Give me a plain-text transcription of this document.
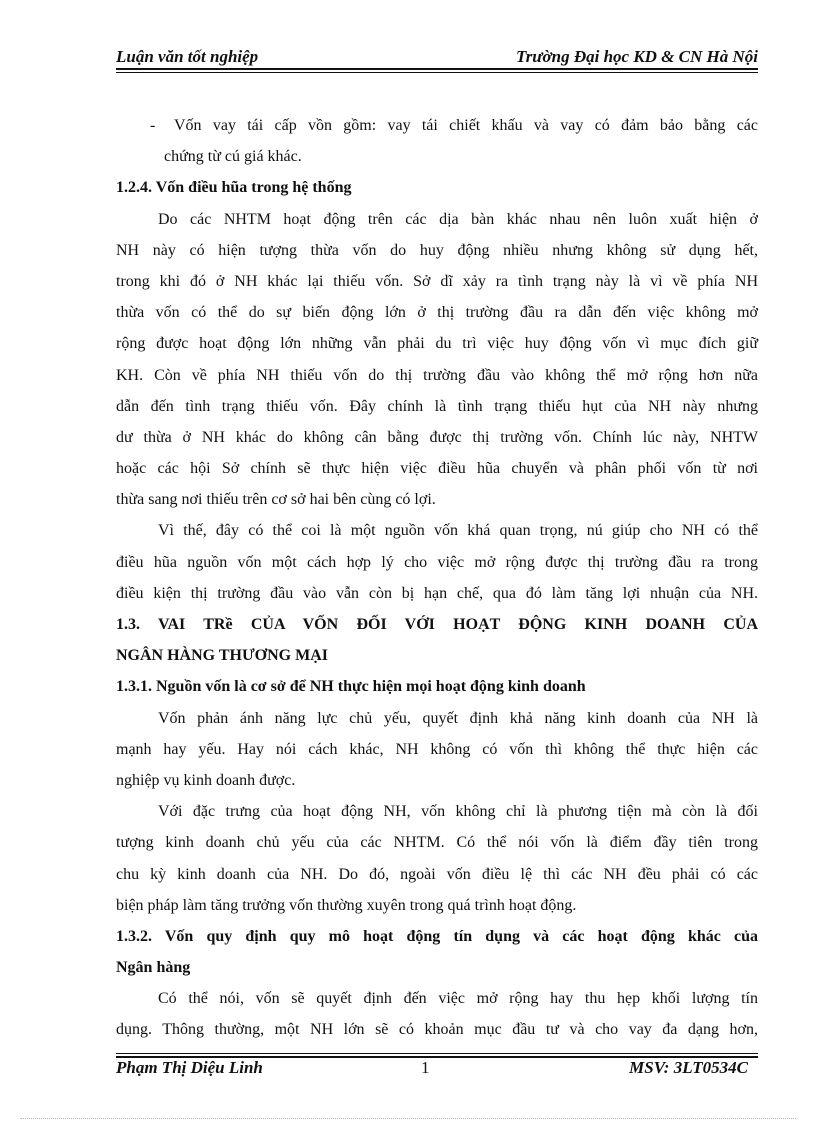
Luận văn tốt nghiệp	Trường Đại học KD & CN Hà Nội
- Vốn vay tái cấp vồn gồm: vay tái chiết khấu và vay có đảm bảo bằng các
chứng từ cú giá khác.
1.2.4. Vốn điều hũa trong hệ thống
Do các NHTM hoạt động trên các dịa bàn khác nhau nên luôn xuất hiện ở
NH này có hiện tượng thừa vốn do huy động nhiều nhưng không sử dụng hết,
trong khi đó ở NH khác lại thiếu vốn. Sở dĩ xảy ra tình trạng này là vì về phía NH
thừa vốn có thể do sự biến động lớn ở thị trường đầu ra dẫn đến việc không mở
rộng được hoạt động lớn những vẫn phải du trì việc huy động vốn vì mục đích giữ
KH. Còn về phía NH thiếu vốn do thị trường đầu vào không thể mở rộng hơn nữa
dẫn đến tình trạng thiếu vốn. Đây chính là tình trạng thiếu hụt của NH này nhưng
dư thừa ở NH khác do không cân bằng được thị trường vốn. Chính lúc này, NHTW
hoặc các hội Sở chính sẽ thực hiện việc điều hũa chuyển và phân phối vốn từ nơi
thừa sang nơi thiếu trên cơ sở hai bên cùng có lợi.
Vì thế, đây có thể coi là một nguồn vốn khá quan trọng, nú giúp cho NH có thể
điều hũa nguồn vốn một cách hợp lý cho việc mở rộng được thị trường đầu ra trong
điều kiện thị trường đầu vào vẫn còn bị hạn chế, qua đó làm tăng lợi nhuận của NH.
1.3. VAI TRề CỦA VỐN ĐỐI VỚI HOẠT ĐỘNG KINH DOANH CỦA
NGÂN HÀNG THƯƠNG MẠI
1.3.1. Nguồn vốn là cơ sở để NH thực hiện mọi hoạt động kinh doanh
Vốn phản ánh năng lực chủ yếu, quyết định khả năng kinh doanh của NH là
mạnh hay yếu. Hay nói cách khác, NH không có vốn thì không thể thực hiện các
nghiệp vụ kinh doanh được.
Với đặc trưng của hoạt động NH, vốn không chỉ là phương tiện mà còn là đối
tượng kinh doanh chủ yếu của các NHTM. Có thể nói vốn là điểm đầy tiên trong
chu kỳ kinh doanh của NH. Do đó, ngoài vốn điều lệ thì các NH đều phải có các
biện pháp làm tăng trưởng vốn thường xuyên trong quá trình hoạt động.
1.3.2. Vốn quy định quy mô hoạt động tín dụng và các hoạt động khác của
Ngân hàng
Có thể nói, vốn sẽ quyết định đến việc mở rộng hay thu hẹp khối lượng tín
dụng. Thông thường, một NH lớn sẽ có khoản mục đầu tư và cho vay đa dạng hơn,
Phạm Thị Diệu Linh	1	MSV: 3LT0534C
